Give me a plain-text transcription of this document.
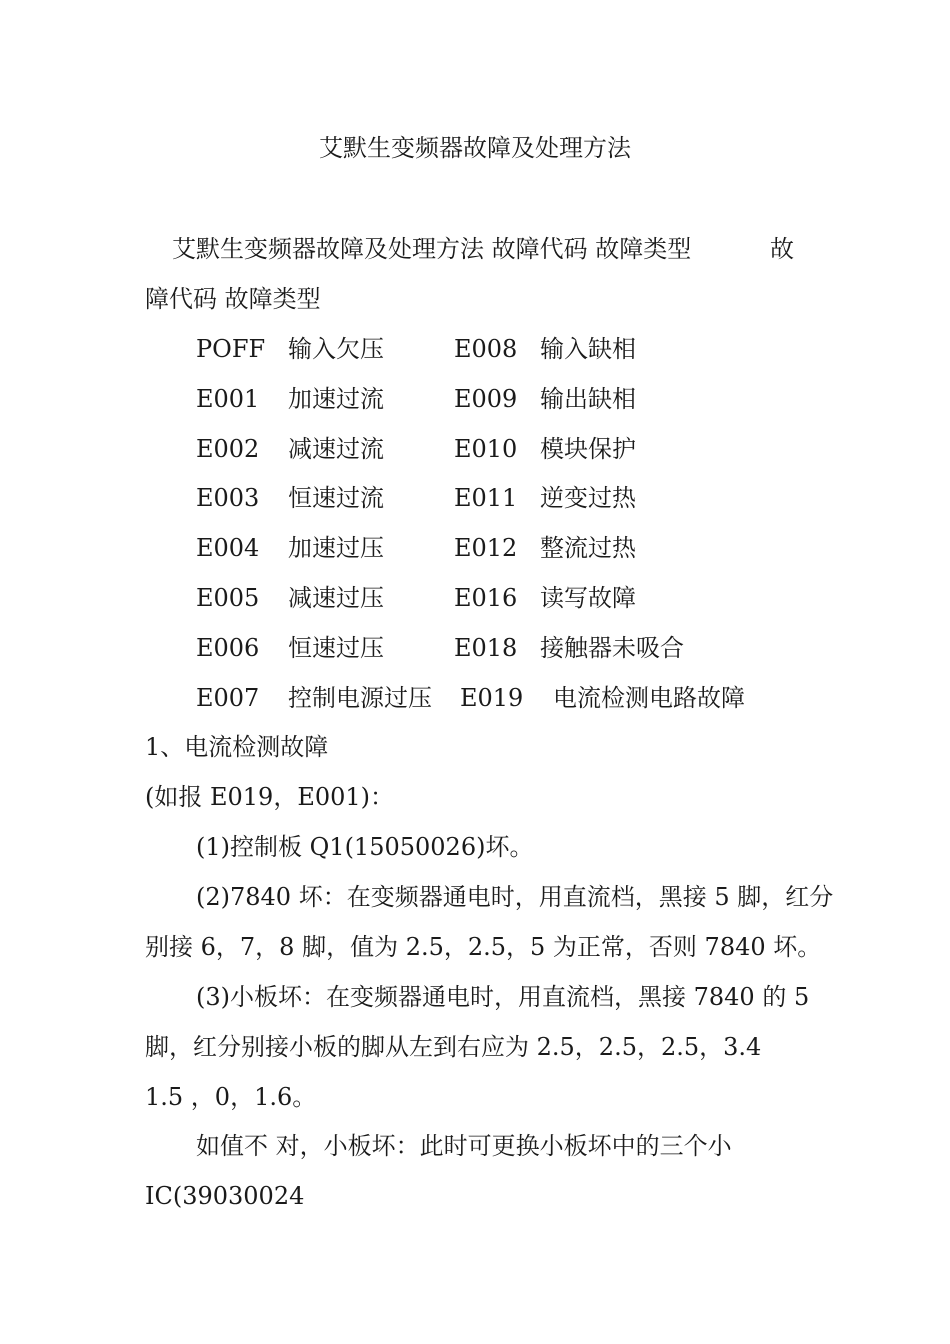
艾默生变频器故障及处理方法
艾默生变频器故障及处理方法 故障代码 故障类型	故
障代码 故障类型
POFF 输入欠压	E008 输入缺相
E001 加速过流	E009 输出缺相
E002 减速过流	E010 模块保护
E003 恒速过流	E011 逆变过热
E004 加速过压	E012 整流过热
E005 减速过压	E016 读写故障
E006 恒速过压	E018 接触器未吸合
E007 控制电源过压 E019 电流检测电路故障
1、电流检测故障
(如报 E019，E001)：
(1)控制板 Q1(15050026)坏。
(2)7840 坏：在变频器通电时，用直流档，黑接 5 脚，红分
别接 6，7，8 脚，值为 2.5，2.5，5 为正常，否则 7840 坏。
(3)小板坏：在变频器通电时，用直流档，黑接 7840 的 5
脚，红分别接小板的脚从左到右应为 2.5，2.5，2.5，3.4
1.5 ，0，1.6。
如值不 对，小板坏：此时可更换小板坏中的三个小
IC(39030024
